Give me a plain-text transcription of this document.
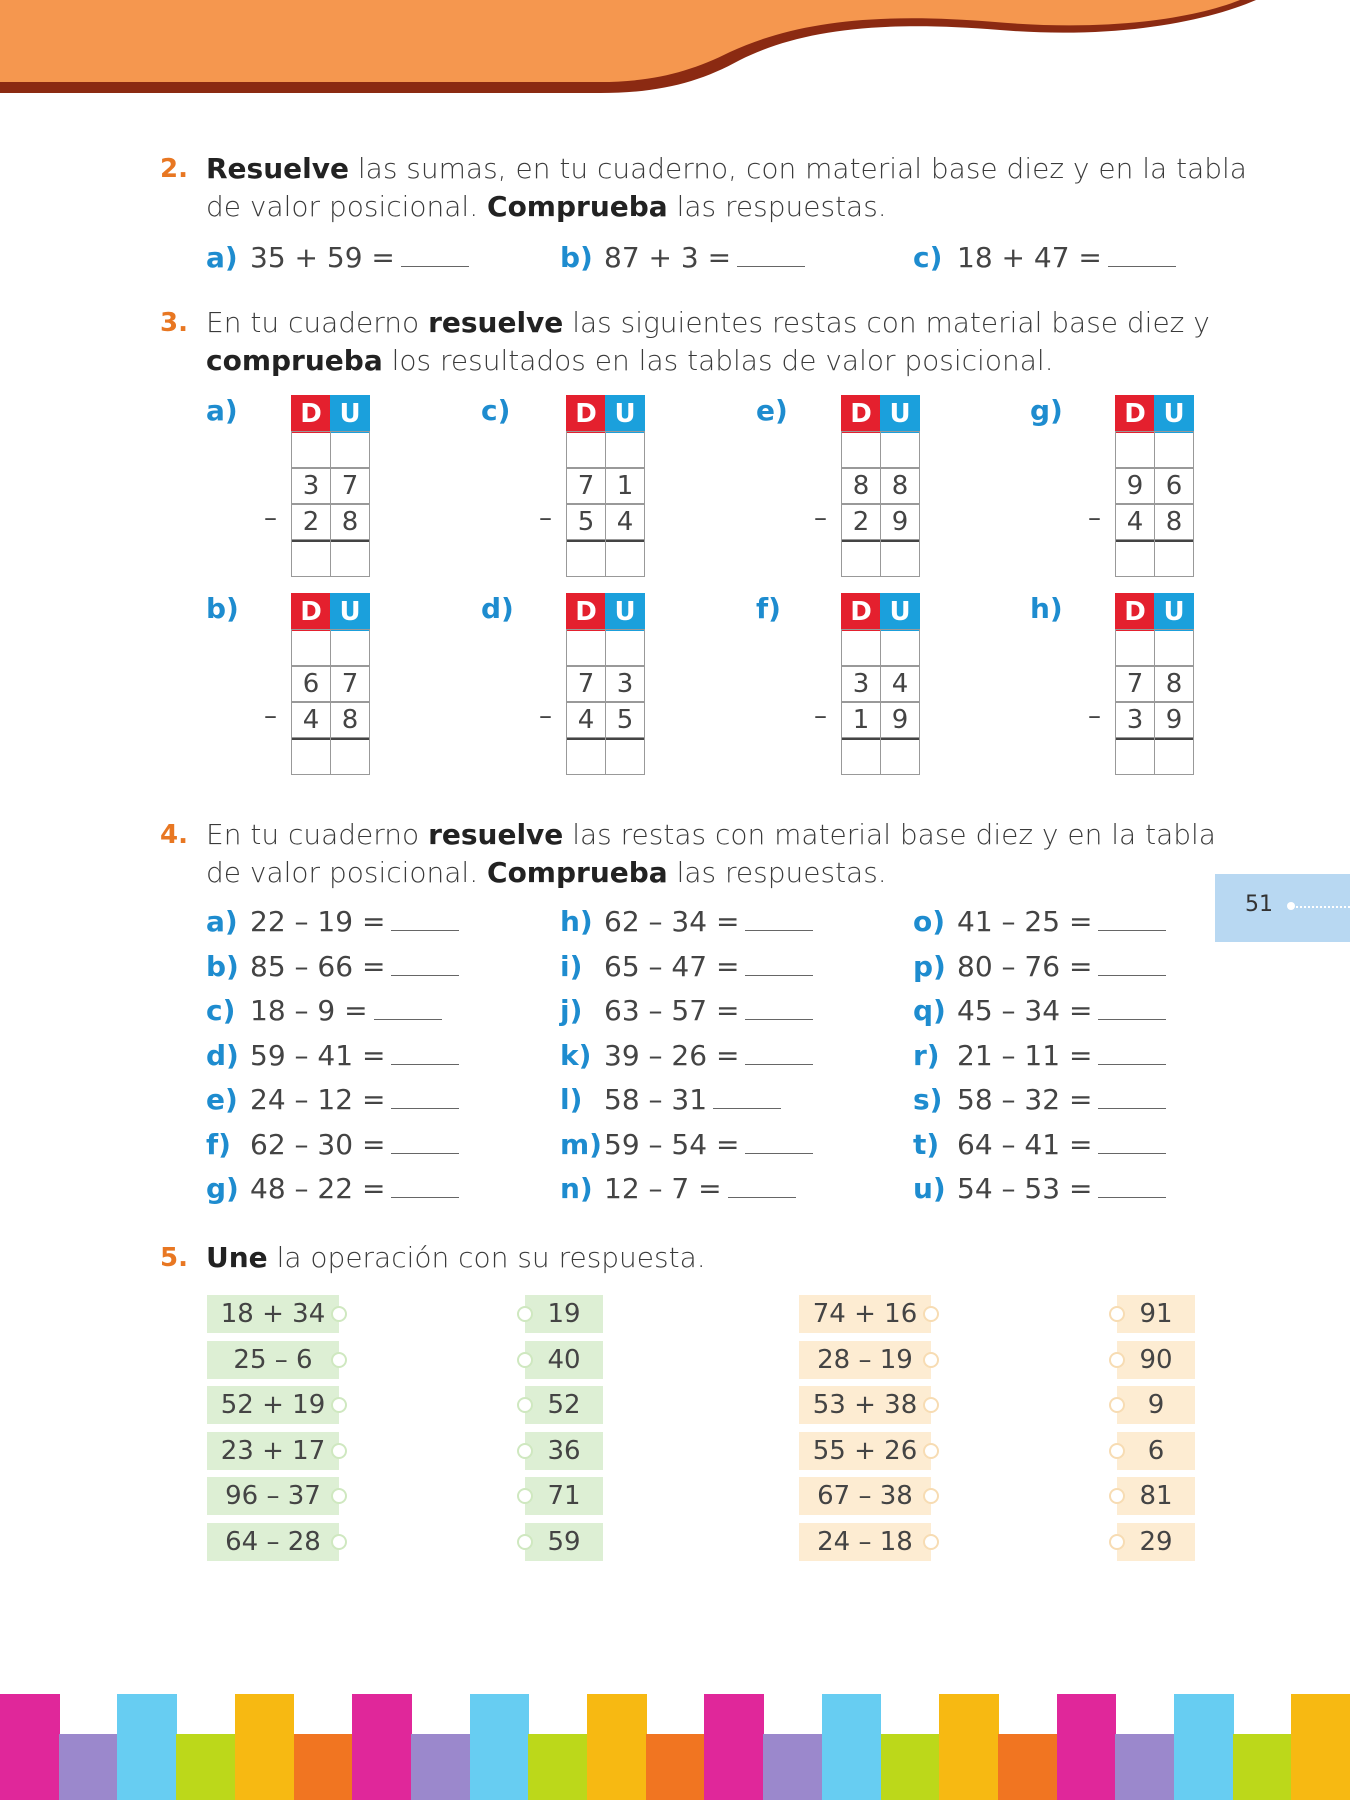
2. Resuelve las sumas, en tu cuaderno, con material base diez y en la tabla de valor posicional. Comprueba las respuestas.
a) 35 + 59 =	b) 87 + 3 =	c) 18 + 47 =
3. En tu cuaderno resuelve las siguientes restas con material base diez y comprueba los resultados en las tablas de valor posicional.
a)	D U
3 7
2 8
–
c)	D U
7 1
5 4
–
e)	D U
8 8
2 9
–
g)	D U
9 6
4 8
–
b)	D U
6 7
4 8
–
d)	D U
7 3
4 5
–
f)	D U
3 4
1 9
–
h)	D U
7 8
3 9
–
4. En tu cuaderno resuelve las restas con material base diez y en la tabla de valor posicional. Comprueba las respuestas.
a) 22 – 19 =
b) 85 – 66 =
c) 18 – 9 =
d) 59 – 41 =
e) 24 – 12 =
f) 62 – 30 =
g) 48 – 22 =
h) 62 – 34 =
i) 65 – 47 =
j) 63 – 57 =
k) 39 – 26 =
l) 58 – 31
m)59 – 54 =
n) 12 – 7 =
o) 41 – 25 =
p) 80 – 76 =
q) 45 – 34 =
r) 21 – 11 =
s) 58 – 32 =
t) 64 – 41 =
u) 54 – 53 =
51
5. Une la operación con su respuesta.
18 + 34
25 – 6
52 + 19
23 + 17
96 – 37
64 – 28
19
40
52
36
71
59
74 + 16
28 – 19
53 + 38
55 + 26
67 – 38
24 – 18
91
90
9
6
81
29
